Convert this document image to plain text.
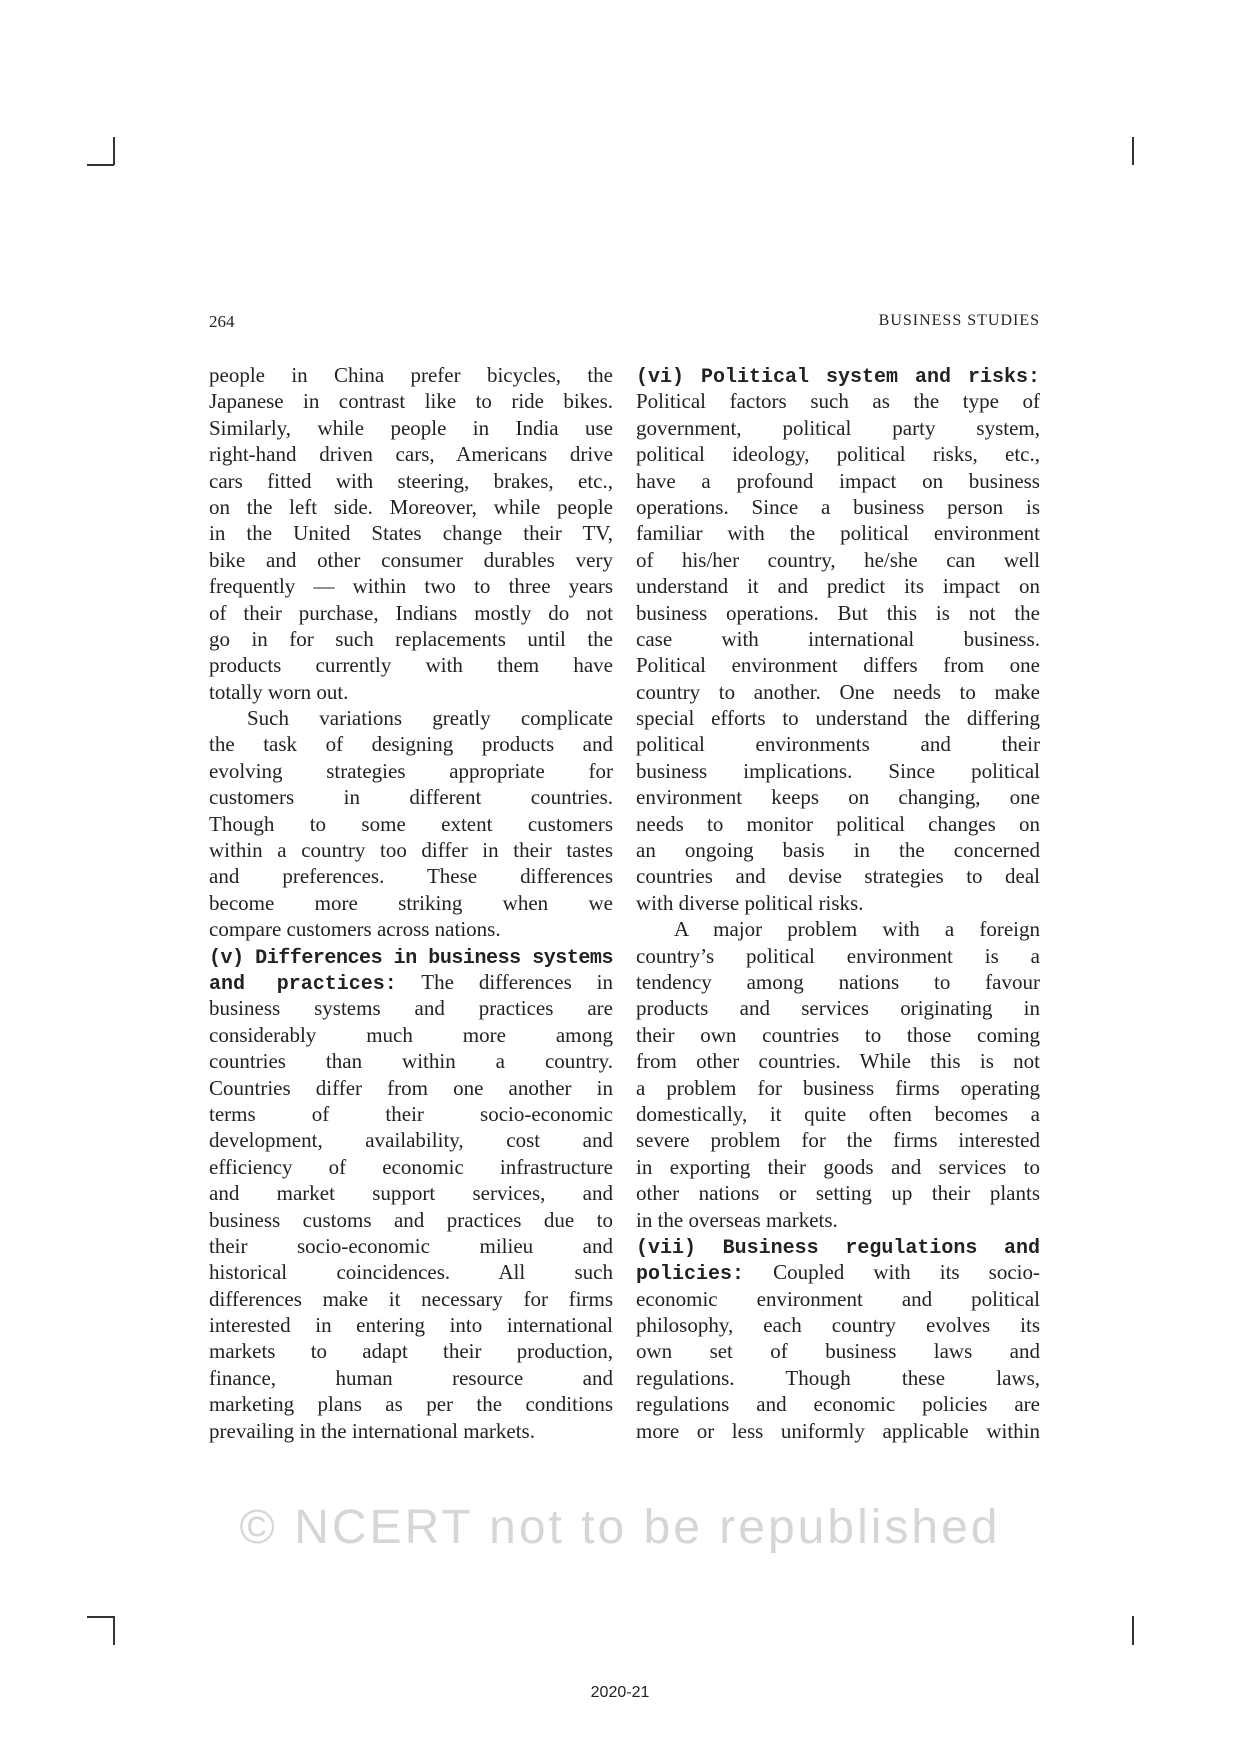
264	BUSINESS STUDIES
people in China prefer bicycles, the
Japanese in contrast like to ride bikes.
Similarly, while people in India use
right-hand driven cars, Americans drive
cars fitted with steering, brakes, etc.,
on the left side. Moreover, while people
in the United States change their TV,
bike and other consumer durables very
frequently — within two to three years
of their purchase, Indians mostly do not
go in for such replacements until the
products currently with them have
totally worn out.
Such variations greatly complicate
the task of designing products and
evolving strategies appropriate for
customers in different countries.
Though to some extent customers
within a country too differ in their tastes
and preferences. These differences
become more striking when we
compare customers across nations.
(v) Differences in business systems
and practices: The differences in
business systems and practices are
considerably much more among
countries than within a country.
Countries differ from one another in
terms of their socio-economic
development, availability, cost and
efficiency of economic infrastructure
and market support services, and
business customs and practices due to
their socio-economic milieu and
historical coincidences. All such
differences make it necessary for firms
interested in entering into international
markets to adapt their production,
finance, human resource and
marketing plans as per the conditions
prevailing in the international markets.
(vi) Political system and risks:
Political factors such as the type of
government, political party system,
political ideology, political risks, etc.,
have a profound impact on business
operations. Since a business person is
familiar with the political environment
of his/her country, he/she can well
understand it and predict its impact on
business operations. But this is not the
case with international business.
Political environment differs from one
country to another. One needs to make
special efforts to understand the differing
political environments and their
business implications. Since political
environment keeps on changing, one
needs to monitor political changes on
an ongoing basis in the concerned
countries and devise strategies to deal
with diverse political risks.
A major problem with a foreign
country’s political environment is a
tendency among nations to favour
products and services originating in
their own countries to those coming
from other countries. While this is not
a problem for business firms operating
domestically, it quite often becomes a
severe problem for the firms interested
in exporting their goods and services to
other nations or setting up their plants
in the overseas markets.
(vii) Business regulations and
policies: Coupled with its socio-
economic environment and political
philosophy, each country evolves its
own set of business laws and
regulations. Though these laws,
regulations and economic policies are
more or less uniformly applicable within
© NCERT not to be republished
2020-21
